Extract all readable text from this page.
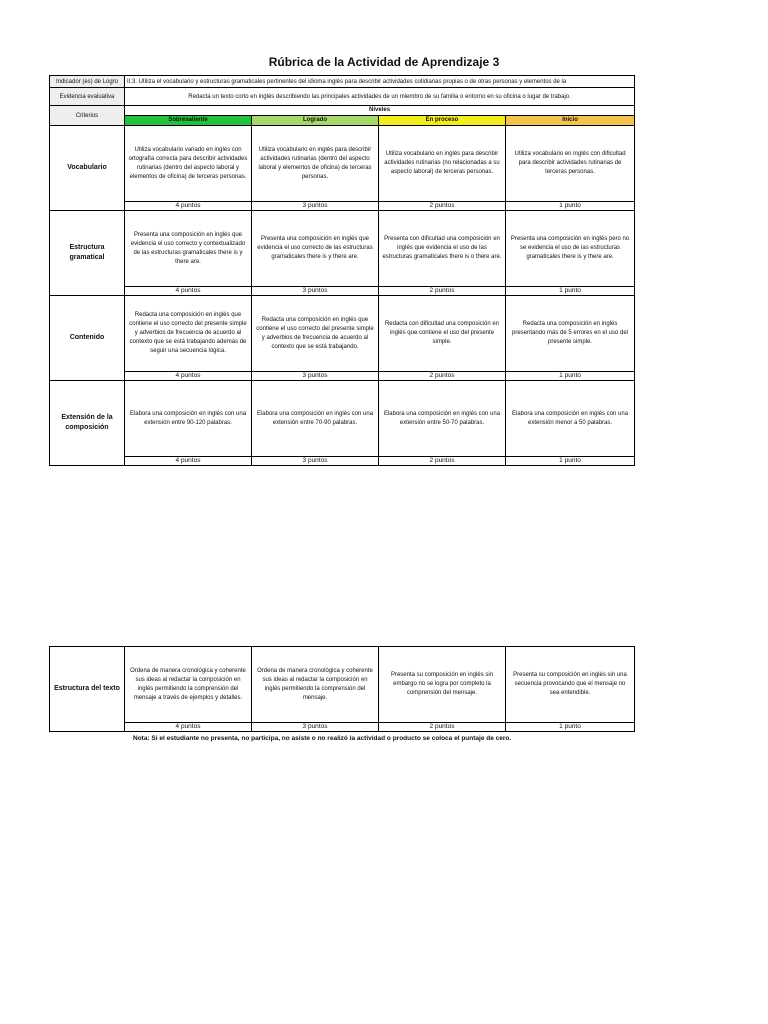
Rúbrica de la Actividad de Aprendizaje 3
Indicador (es) de Logro	II.3. Utiliza el vocabulario y estructuras gramaticales pertinentes del idioma inglés para describir actividades cotidianas propias o de otras personas y elementos de la			
Evidencia evaluativa	Redacta un texto corto en inglés describiendo las principales actividades de un miembro de su familia o entorno en su oficina o lugar de trabajo.			
Criterios	Niveles			
	Sobresaliente	Logrado	En proceso	Inicio
Vocabulario	Utiliza vocabulario variado en inglés con ortografía correcta para describir actividades rutinarias (dentro del aspecto laboral y elementos de oficina) de terceras personas.	Utiliza vocabulario en inglés para describir actividades rutinarias (dentro del aspecto laboral y elementos de oficina) de terceras personas.	Utiliza vocabulario en inglés para describir actividades rutinarias (no relacionadas a su aspecto laboral) de terceras personas.	Utiliza vocabulario en inglés con dificultad para describir actividades rutinarias de terceras personas.
	4 puntos	3 puntos	2 puntos	1 punto
Estructura gramatical	Presenta una composición en inglés que evidencia el uso correcto y contextualizado de las estructuras gramaticales there is y there are.	Presenta una composición en inglés que evidencia el uso correcto de las estructuras gramaticales there is y there are.	Presenta con dificultad una composición en inglés que evidencia el uso de las estructuras gramaticales there is o there are.	Presenta una composición en inglés pero no se evidencia el uso de las estructuras gramaticales there is y there are.
	4 puntos	3 puntos	2 puntos	1 punto
Contenido	Redacta una composición en inglés que contiene el uso correcto del presente simple y adverbios de frecuencia de acuerdo al contexto que se está trabajando además de seguir una secuencia lógica.	Redacta una composición en inglés que contiene el uso correcto del presente simple y adverbios de frecuencia de acuerdo al contexto que se está trabajando.	Redacta con dificultad una composición en inglés que contiene el uso del presente simple.	Redacta una composición en inglés presentando más de 5 errores en el uso del presente simple.
	4 puntos	3 puntos	2 puntos	1 punto
Extensión de la composición	Elabora una composición en inglés con una extensión entre 90-120 palabras.	Elabora una composición en inglés con una extensión entre 70-90 palabras.	Elabora una composición en inglés con una extensión entre 50-70 palabras.	Elabora una composición en inglés con una extensión menor a 50 palabras.
	4 puntos	3 puntos	2 puntos	1 punto
Estructura del texto	Ordena de manera cronológica y coherente sus ideas al redactar la composición en inglés permitiendo la comprensión del mensaje a través de ejemplos y detalles.	Ordena de manera cronológica y coherente sus ideas al redactar la composición en inglés permitiendo la comprensión del mensaje.	Presenta su composición en inglés sin embargo no se logra por completo la comprensión del mensaje.	Presenta su composición en inglés sin una secuencia provocando que el mensaje no sea entendible.
	4 puntos	3 puntos	2 puntos	1 punto
Nota: Si el estudiante no presenta, no participa, no asiste o no realizó la actividad o producto se coloca el puntaje de cero.
